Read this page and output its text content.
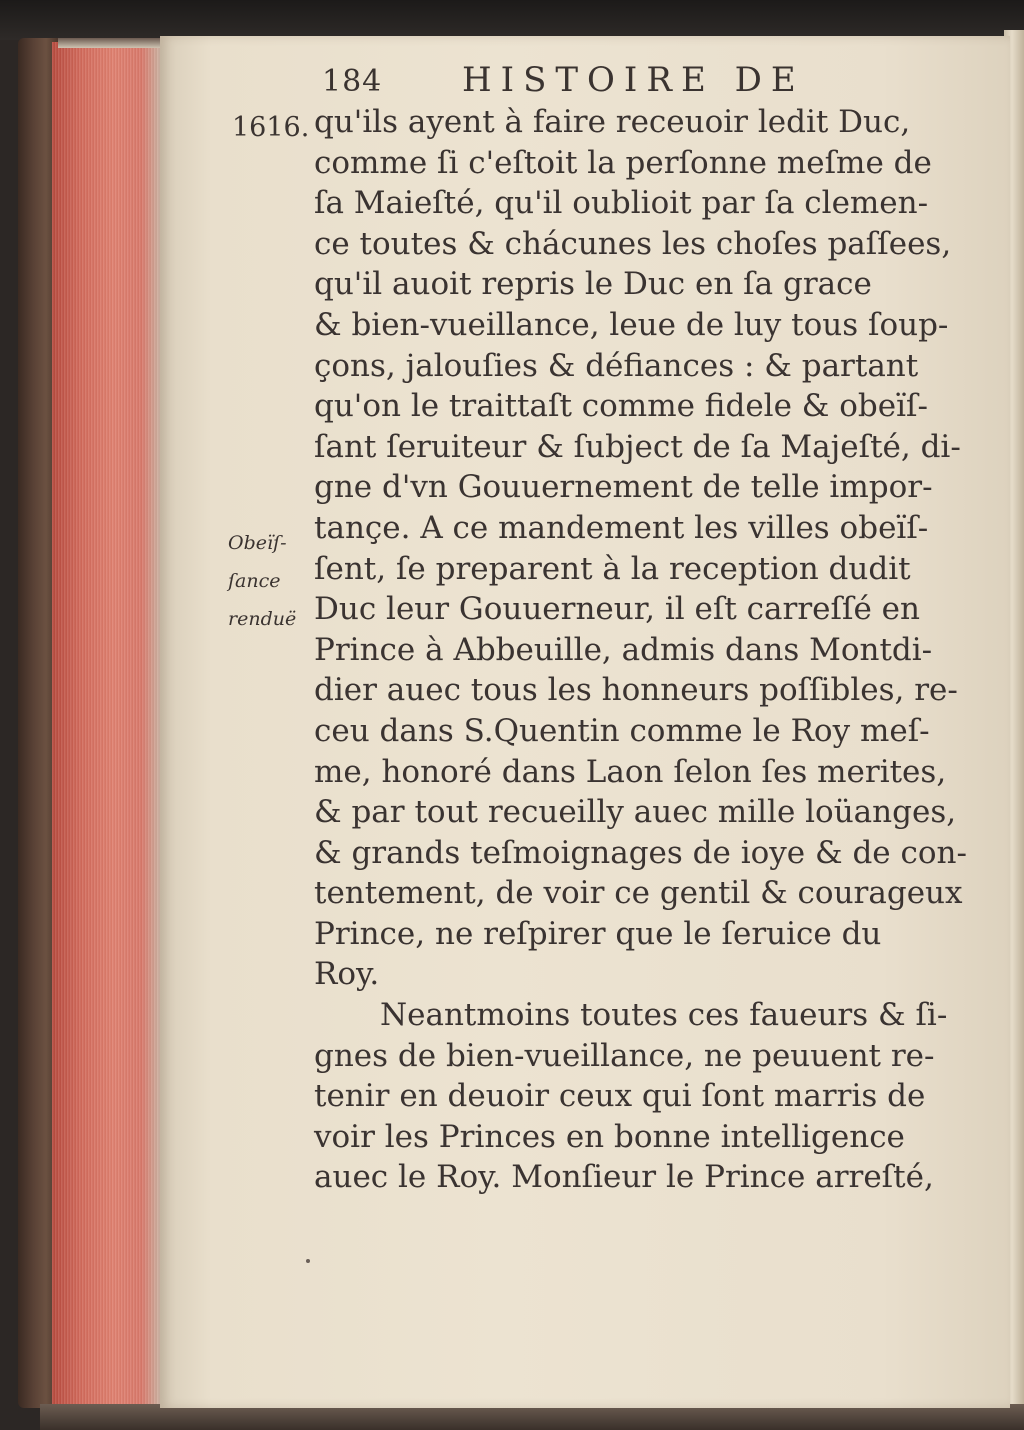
184 HISTOIRE DE
1616.
Obeïſ-
ſance
renduë
qu'ils ayent à faire receuoir ledit Duc,
comme ſi c'eſtoit la perſonne meſme de
ſa Maieſté, qu'il oublioit par ſa clemen-
ce toutes & chácunes les choſes paſſees,
qu'il auoit repris le Duc en ſa grace
& bien-vueillance, leue de luy tous ſoup-
çons, jalouſies & défiances : & partant
qu'on le traittaſt comme fidele & obeïſ-
ſant ſeruiteur & ſubject de ſa Majeſté, di-
gne d'vn Gouuernement de telle impor-
tançe. A ce mandement les villes obeïſ-
ſent, ſe preparent à la reception dudit
Duc leur Gouuerneur, il eſt carreſſé en
Prince à Abbeuille, admis dans Montdi-
dier auec tous les honneurs poſſibles, re-
ceu dans S.Quentin comme le Roy meſ-
me, honoré dans Laon ſelon ſes merites,
& par tout recueilly auec mille loüanges,
& grands teſmoignages de ioye & de con-
tentement, de voir ce gentil & courageux
Prince, ne reſpirer que le ſeruice du
Roy.
Neantmoins toutes ces faueurs & ſi-
gnes de bien-vueillance, ne peuuent re-
tenir en deuoir ceux qui ſont marris de
voir les Princes en bonne intelligence
auec le Roy. Monſieur le Prince arreſté,
